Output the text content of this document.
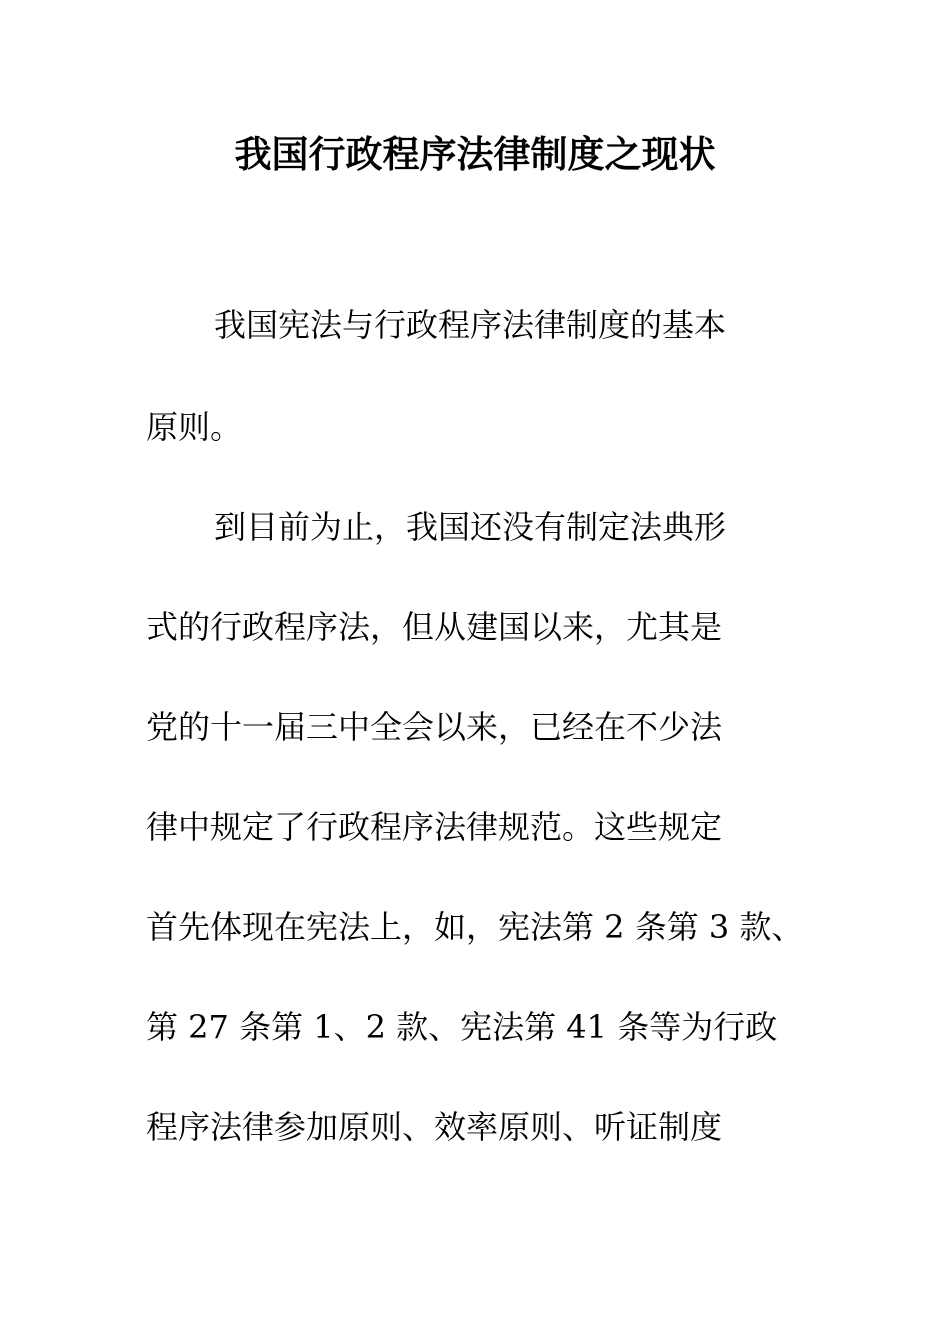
我国行政程序法律制度之现状

我国宪法与行政程序法律制度的基本

原则。

到目前为止，我国还没有制定法典形

式的行政程序法，但从建国以来，尤其是

党的十一届三中全会以来，已经在不少法

律中规定了行政程序法律规范。这些规定

首先体现在宪法上，如，宪法第 2 条第 3 款、

第 27 条第 1、2 款、宪法第 41 条等为行政

程序法律参加原则、效率原则、听证制度
